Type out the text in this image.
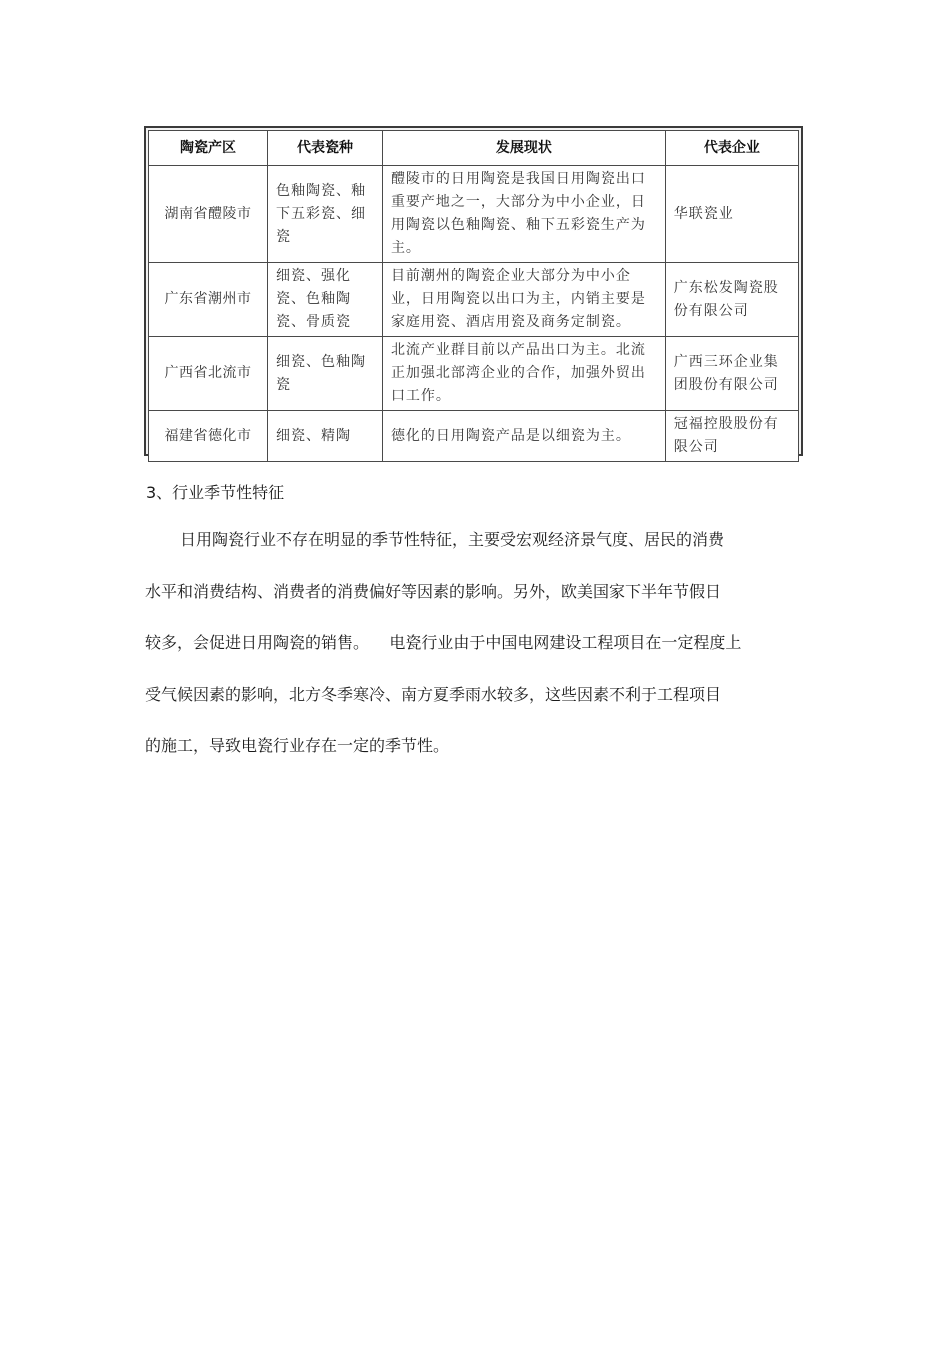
陶瓷产区	代表瓷种	发展现状	代表企业
湖南省醴陵市	色釉陶瓷、釉下五彩瓷、细瓷	醴陵市的日用陶瓷是我国日用陶瓷出口重要产地之一，大部分为中小企业，日用陶瓷以色釉陶瓷、釉下五彩瓷生产为主。	华联瓷业
广东省潮州市	细瓷、强化瓷、色釉陶瓷、骨质瓷	目前潮州的陶瓷企业大部分为中小企业，日用陶瓷以出口为主，内销主要是家庭用瓷、酒店用瓷及商务定制瓷。	广东松发陶瓷股份有限公司
广西省北流市	细瓷、色釉陶瓷	北流产业群目前以产品出口为主。北流正加强北部湾企业的合作，加强外贸出口工作。	广西三环企业集团股份有限公司
福建省德化市	细瓷、精陶	德化的日用陶瓷产品是以细瓷为主。	冠福控股股份有限公司
3、行业季节性特征
日用陶瓷行业不存在明显的季节性特征，主要受宏观经济景气度、居民的消费
水平和消费结构、消费者的消费偏好等因素的影响。另外，欧美国家下半年节假日
较多，会促进日用陶瓷的销售。    电瓷行业由于中国电网建设工程项目在一定程度上
受气候因素的影响，北方冬季寒冷、南方夏季雨水较多，这些因素不利于工程项目
的施工，导致电瓷行业存在一定的季节性。
